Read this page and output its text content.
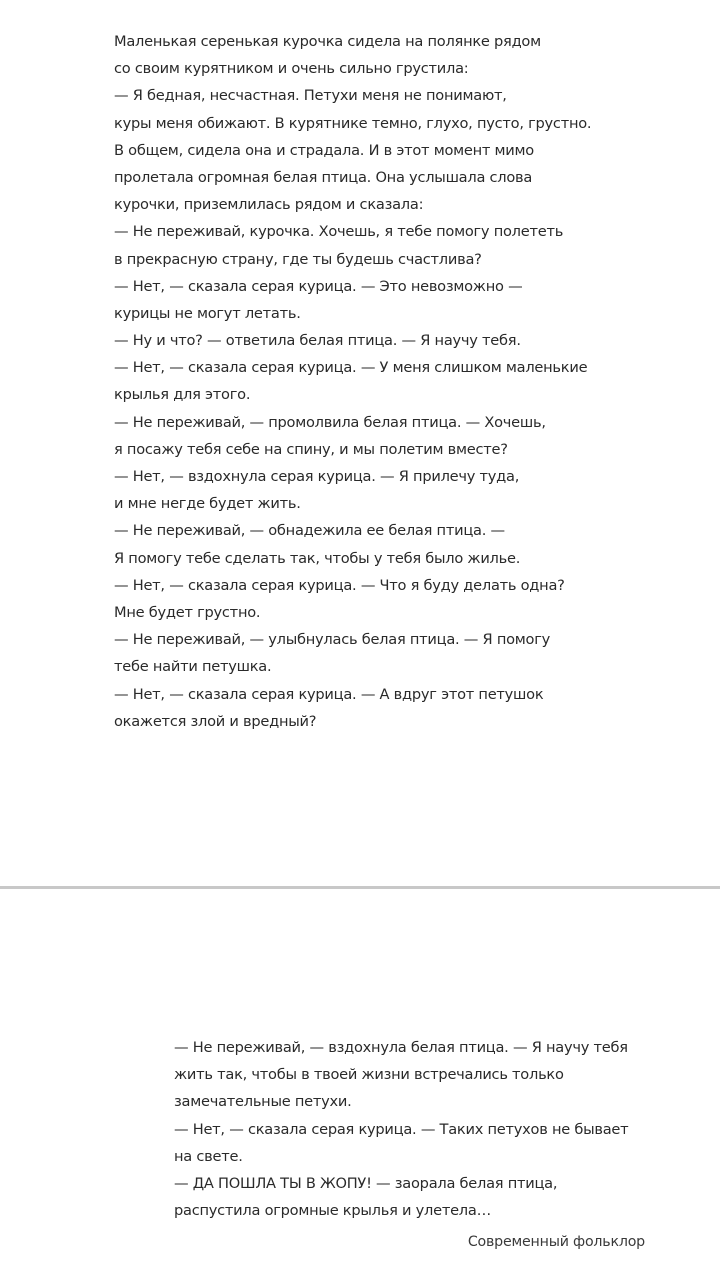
Маленькая серенькая курочка сидела на полянке рядом
со своим курятником и очень сильно грустила:
— Я бедная, несчастная. Петухи меня не понимают,
куры меня обижают. В курятнике темно, глухо, пусто, грустно.
В общем, сидела она и страдала. И в этот момент мимо
пролетала огромная белая птица. Она услышала слова
курочки, приземлилась рядом и сказала:
— Не переживай, курочка. Хочешь, я тебе помогу полететь
в прекрасную страну, где ты будешь счастлива?
— Нет, — сказала серая курица. — Это невозможно —
курицы не могут летать.
— Ну и что? — ответила белая птица. — Я научу тебя.
— Нет, — сказала серая курица. — У меня слишком маленькие
крылья для этого.
— Не переживай, — промолвила белая птица. — Хочешь,
я посажу тебя себе на спину, и мы полетим вместе?
— Нет, — вздохнула серая курица. — Я прилечу туда,
и мне негде будет жить.
— Не переживай, — обнадежила ее белая птица. —
Я помогу тебе сделать так, чтобы у тебя было жилье.
— Нет, — сказала серая курица. — Что я буду делать одна?
Мне будет грустно.
— Не переживай, — улыбнулась белая птица. — Я помогу
тебе найти петушка.
— Нет, — сказала серая курица. — А вдруг этот петушок
окажется злой и вредный?
— Не переживай, — вздохнула белая птица. — Я научу тебя
жить так, чтобы в твоей жизни встречались только
замечательные петухи.
— Нет, — сказала серая курица. — Таких петухов не бывает
на свете.
— ДА ПОШЛА ТЫ В ЖОПУ! — заорала белая птица,
распустила огромные крылья и улетела…
Современный фольклор
